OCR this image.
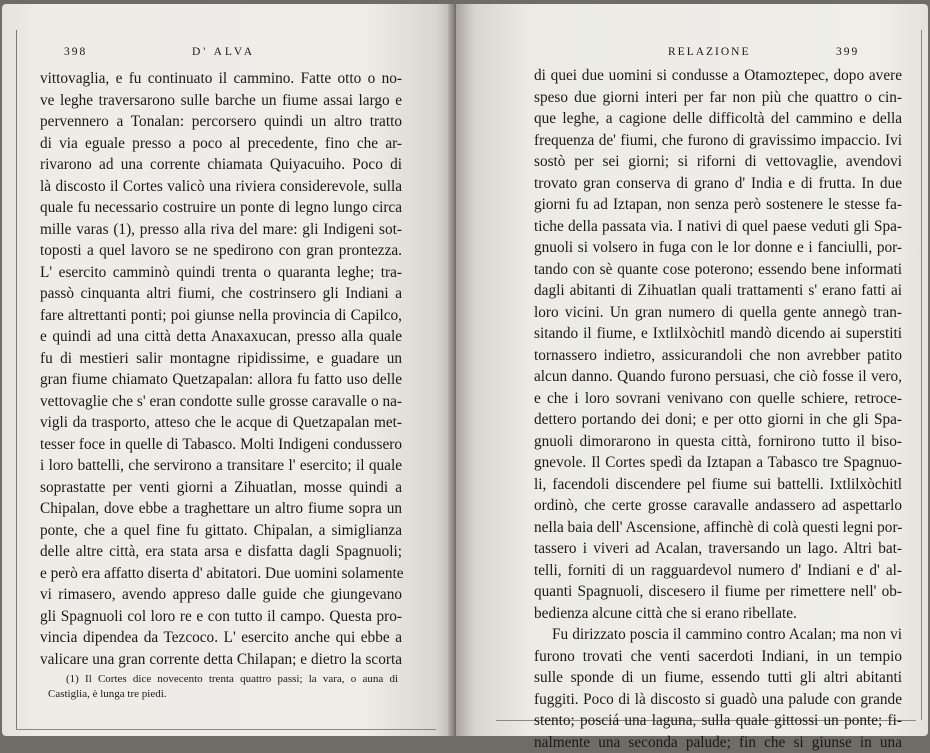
398	D' ALVA
vittovaglia, e fu continuato il cammino. Fatte otto o no-
ve leghe traversarono sulle barche un fiume assai largo e
pervennero a Tonalan: percorsero quindi un altro tratto
di via eguale presso a poco al precedente, fino che ar-
rivarono ad una corrente chiamata Quiyacuiho. Poco di
là discosto il Cortes valicò una riviera considerevole, sulla
quale fu necessario costruire un ponte di legno lungo circa
mille varas (1), presso alla riva del mare: gli Indigeni sot-
toposti a quel lavoro se ne spedirono con gran prontezza.
L' esercito camminò quindi trenta o quaranta leghe; tra-
passò cinquanta altri fiumi, che costrinsero gli Indiani a
fare altrettanti ponti; poi giunse nella provincia di Capilco,
e quindi ad una città detta Anaxaxucan, presso alla quale
fu di mestieri salir montagne ripidissime, e guadare un
gran fiume chiamato Quetzapalan: allora fu fatto uso delle
vettovaglie che s' eran condotte sulle grosse caravalle o na-
vigli da trasporto, atteso che le acque di Quetzapalan met-
tesser foce in quelle di Tabasco. Molti Indigeni condussero
i loro battelli, che servirono a transitare l' esercito; il quale
soprastatte per venti giorni a Zihuatlan, mosse quindi a
Chipalan, dove ebbe a traghettare un altro fiume sopra un
ponte, che a quel fine fu gittato. Chipalan, a simiglianza
delle altre città, era stata arsa e disfatta dagli Spagnuoli;
e però era affatto diserta d' abitatori. Due uomini solamente
vi rimasero, avendo appreso dalle guide che giungevano
gli Spagnuoli col loro re e con tutto il campo. Questa pro-
vincia dipendea da Tezcoco. L' esercito anche qui ebbe a
valicare una gran corrente detta Chilapan; e dietro la scorta
(1) Il Cortes dice novecento trenta quattro passi; la vara, o auna di
Castiglia, è lunga tre piedi.
RELAZIONE	399
di quei due uomini si condusse a Otamoztepec, dopo avere
speso due giorni interi per far non più che quattro o cin-
que leghe, a cagione delle difficoltà del cammino e della
frequenza de' fiumi, che furono di gravissimo impaccio. Ivi
sostò per sei giorni; si riforni di vettovaglie, avendovi
trovato gran conserva di grano d' India e di frutta. In due
giorni fu ad Iztapan, non senza però sostenere le stesse fa-
tiche della passata via. I nativi di quel paese veduti gli Spa-
gnuoli si volsero in fuga con le lor donne e i fanciulli, por-
tando con sè quante cose poterono; essendo bene informati
dagli abitanti di Zihuatlan quali trattamenti s' erano fatti ai
loro vicini. Un gran numero di quella gente annegò tran-
sitando il fiume, e Ixtlilxòchitl mandò dicendo ai superstiti
tornassero indietro, assicurandoli che non avrebber patito
alcun danno. Quando furono persuasi, che ciò fosse il vero,
e che i loro sovrani venivano con quelle schiere, retroce-
dettero portando dei doni; e per otto giorni in che gli Spa-
gnuoli dimorarono in questa città, fornirono tutto il biso-
gnevole. Il Cortes spedì da Iztapan a Tabasco tre Spagnuo-
li, facendoli discendere pel fiume sui battelli. Ixtlilxòchitl
ordinò, che certe grosse caravalle andassero ad aspettarlo
nella baia dell' Ascensione, affinchè di colà questi legni por-
tassero i viveri ad Acalan, traversando un lago. Altri bat-
telli, forniti di un ragguardevol numero d' Indiani e d' al-
quanti Spagnuoli, discesero il fiume per rimettere nell' ob-
bedienza alcune città che si erano ribellate.
Fu dirizzato poscia il cammino contro Acalan; ma non vi
furono trovati che venti sacerdoti Indiani, in un tempio
sulle sponde di un fiume, essendo tutti gli altri abitanti
fuggiti. Poco di là discosto si guadò una palude con grande
stento; posciá una laguna, sulla quale gittossi un ponte; fi-
nalmente una seconda palude; fin che si giunse in una
